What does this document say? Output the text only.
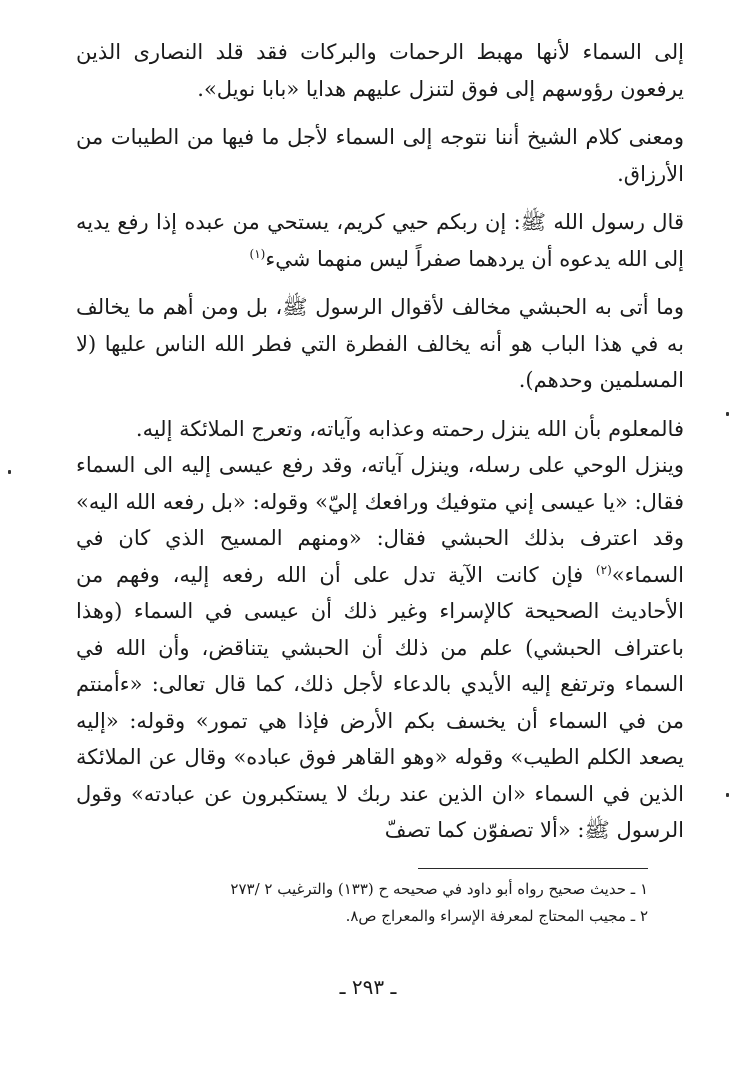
إلى السماء لأنها مهبط الرحمات والبركات فقد قلد النصارى الذين يرفعون رؤوسهم إلى فوق لتنزل عليهم هدايا «بابا نويل».

ومعنى كلام الشيخ أننا نتوجه إلى السماء لأجل ما فيها من الطيبات من الأرزاق.

قال رسول الله ﷺ: إن ربكم حيي كريم، يستحي من عبده إذا رفع يديه إلى الله يدعوه أن يردهما صفراً ليس منهما شيء$^{(١)}$

وما أتى به الحبشي مخالف لأقوال الرسول ﷺ، بل ومن أهم ما يخالف به في هذا الباب هو أنه يخالف الفطرة التي فطر الله الناس عليها (لا المسلمين وحدهم).

فالمعلوم بأن الله ينزل رحمته وعذابه وآياته، وتعرج الملائكة إليه.

وينزل الوحي على رسله، وينزل آياته، وقد رفع عيسى إليه الى السماء فقال: «يا عيسى إني متوفيك ورافعك إليّ» وقوله: «بل رفعه الله اليه» وقد اعترف بذلك الحبشي فقال: «ومنهم المسيح الذي كان في السماء»$^{(٢)}$ فإن كانت الآية تدل على أن الله رفعه إليه، وفهم من الأحاديث الصحيحة كالإسراء وغير ذلك أن عيسى في السماء (وهذا باعتراف الحبشي) علم من ذلك أن الحبشي يتناقض، وأن الله في السماء وترتفع إليه الأيدي بالدعاء لأجل ذلك، كما قال تعالى: «ءأمنتم من في السماء أن يخسف بكم الأرض فإذا هي تمور» وقوله: «إليه يصعد الكلم الطيب» وقوله «وهو القاهر فوق عباده» وقال عن الملائكة الذين في السماء «ان الذين عند ربك لا يستكبرون عن عبادته» وقول الرسول ﷺ: «ألا تصفوّن كما تصفّ

١ ـ حديث صحيح رواه أبو داود في صحيحه ح (١٣٣) والترغيب ٢ /٢٧٣
٢ ـ مجيب المحتاج لمعرفة الإسراء والمعراج ص٨.
ـ ٢٩٣ ـ
